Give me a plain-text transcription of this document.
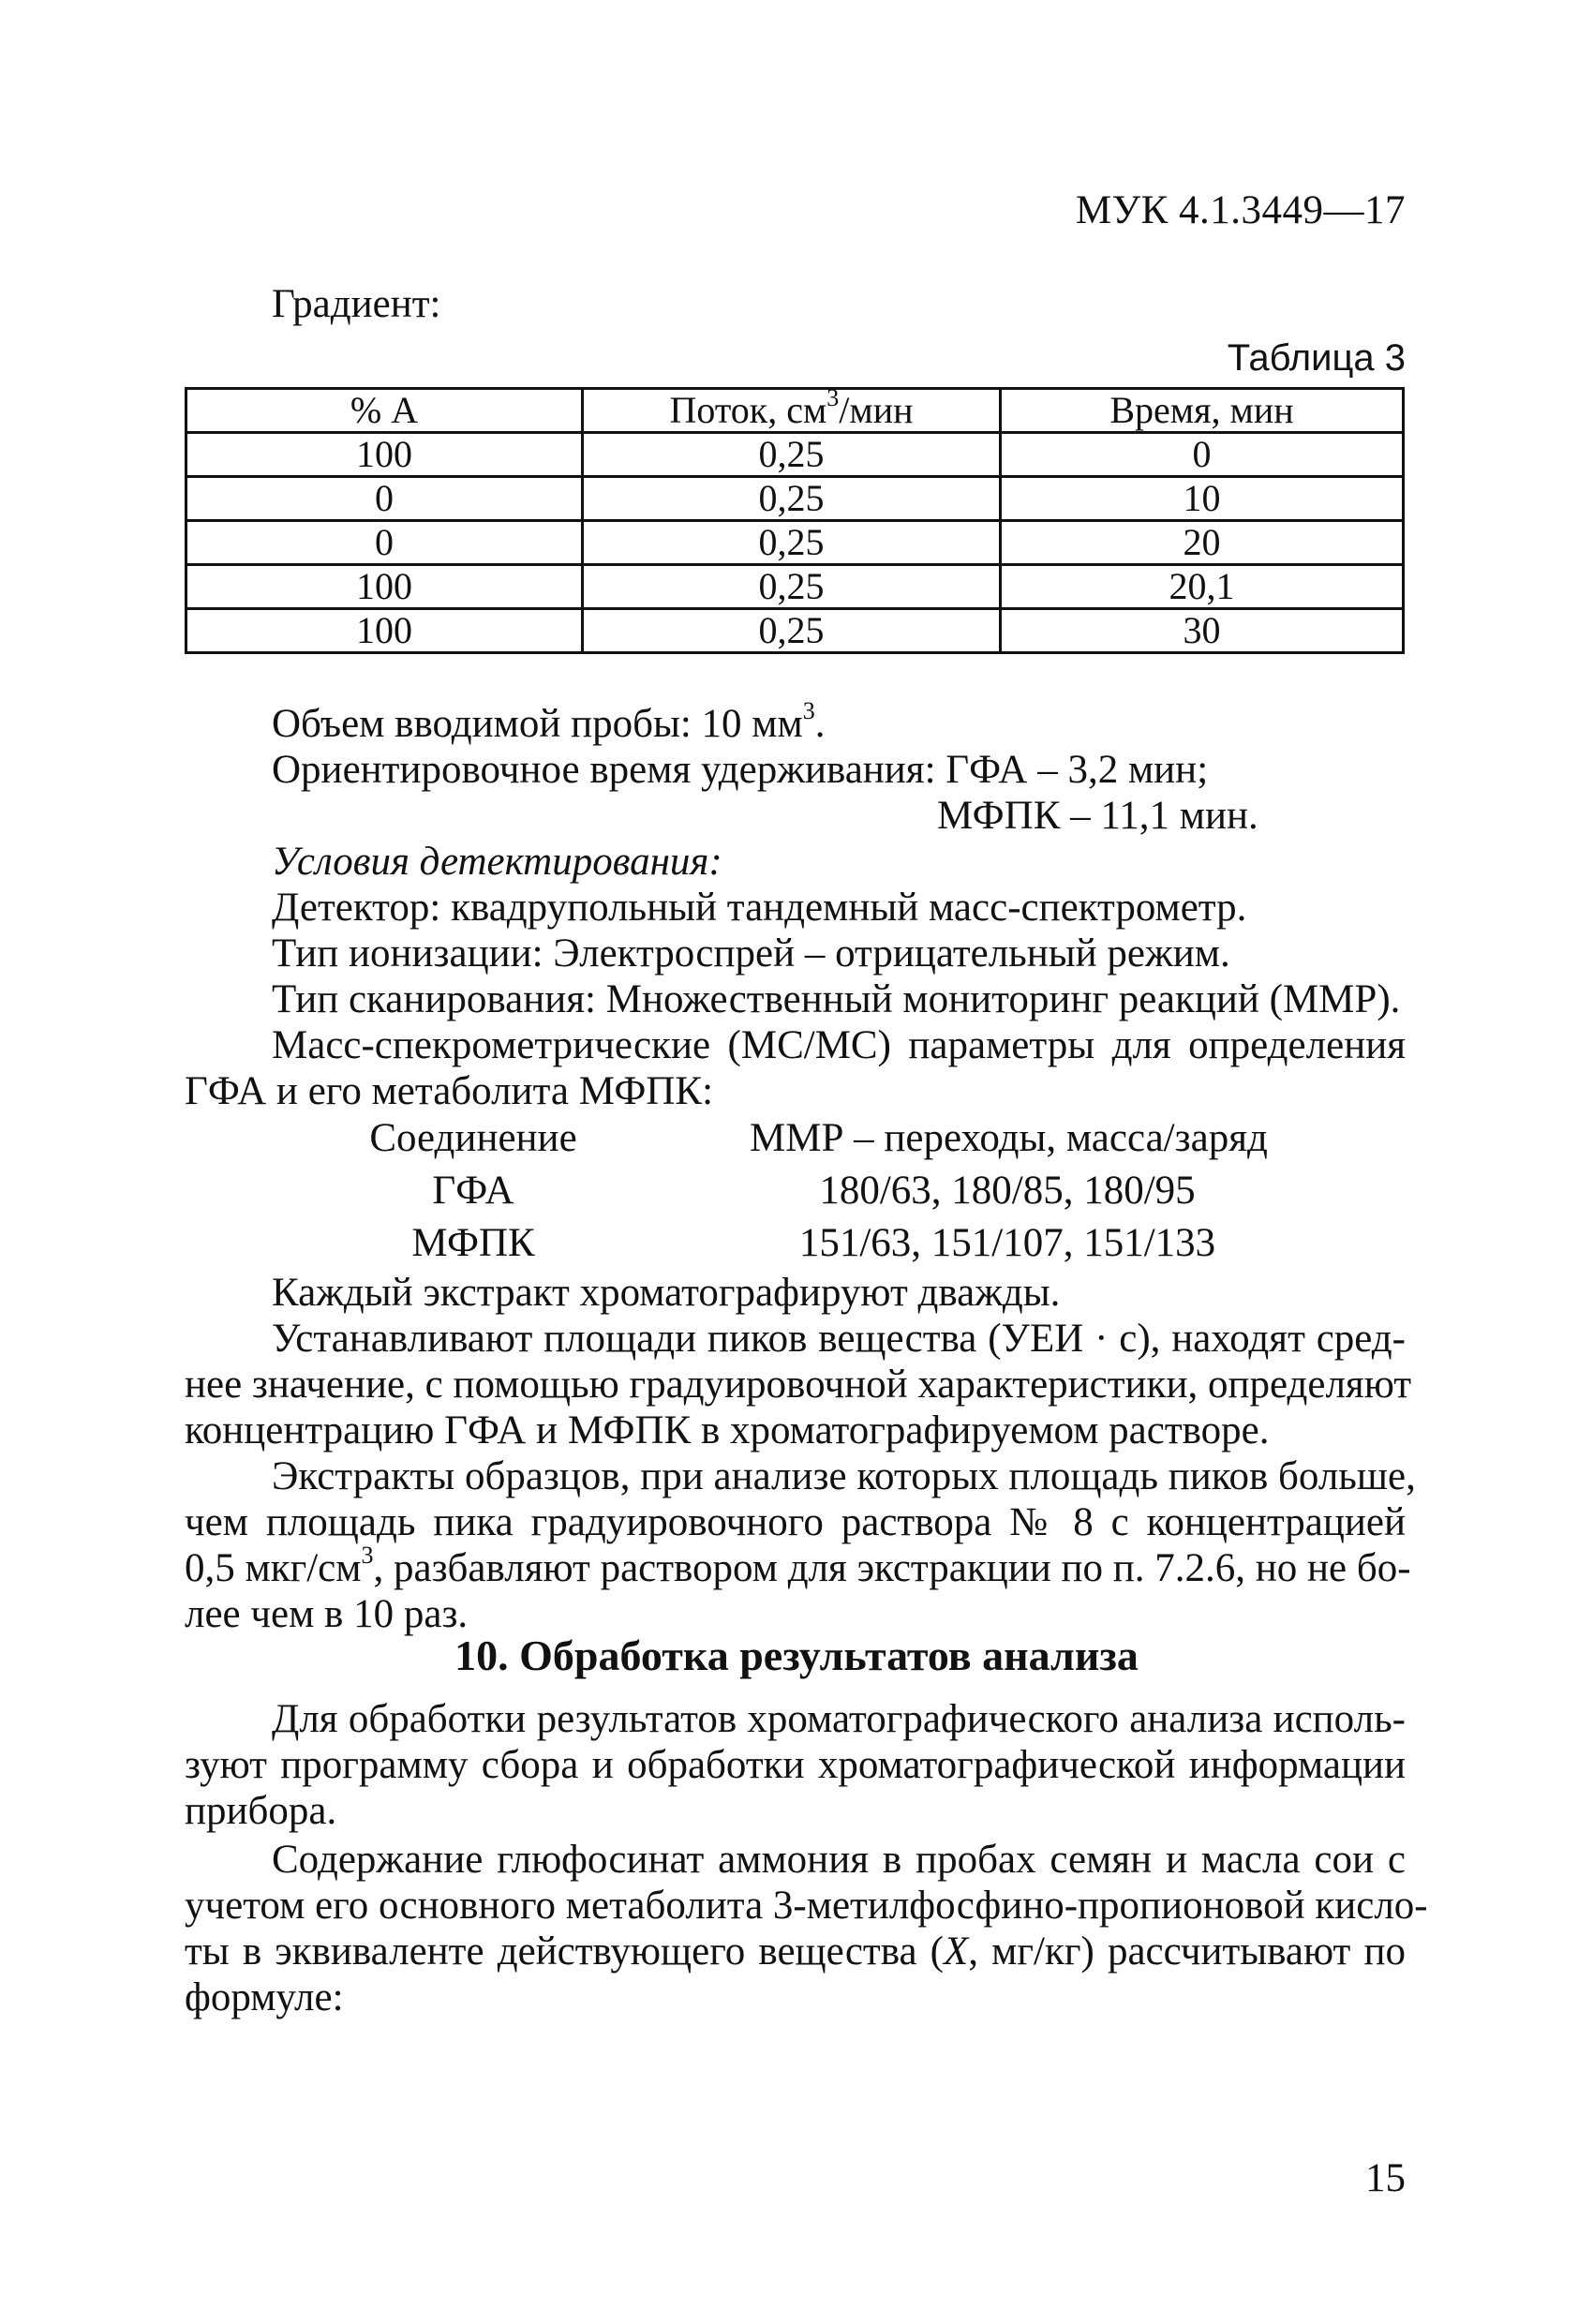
МУК 4.1.3449—17
Градиент:
Таблица 3
% А	Поток, $см^3$/мин	Время, мин
100	0,25	0
0	0,25	10
0	0,25	20
100	0,25	20,1
100	0,25	30
Объем вводимой пробы: 10 $мм^3$.
Ориентировочное время удерживания: ГФА – 3,2 мин;
МФПК – 11,1 мин.
Условия детектирования:
Детектор: квадрупольный тандемный масс-спектрометр.
Тип ионизации: Электроспрей – отрицательный режим.
Тип сканирования: Множественный мониторинг реакций (ММР).
Масс-спекрометрические (МС/МС) параметры для определения
ГФА и его метаболита МФПК:
Соединение	ММР – переходы, масса/заряд
ГФА	180/63, 180/85, 180/95
МФПК	151/63, 151/107, 151/133
Каждый экстракт хроматографируют дважды.
Устанавливают площади пиков вещества (УЕИ · с), находят сред-
нее значение, с помощью градуировочной характеристики, определяют
концентрацию ГФА и МФПК в хроматографируемом растворе.
Экстракты образцов, при анализе которых площадь пиков больше,
чем площадь пика градуировочного раствора № 8 с концентрацией
0,5 мкг/$см^3$, разбавляют раствором для экстракции по п. 7.2.6, но не бо-
лее чем в 10 раз.
10. Обработка результатов анализа
Для обработки результатов хроматографического анализа исполь-
зуют программу сбора и обработки хроматографической информации
прибора.
Содержание глюфосинат аммония в пробах семян и масла сои с
учетом его основного метаболита 3-метилфосфино-пропионовой кисло-
ты в эквиваленте действующего вещества (X, мг/кг) рассчитывают по
формуле:
15
